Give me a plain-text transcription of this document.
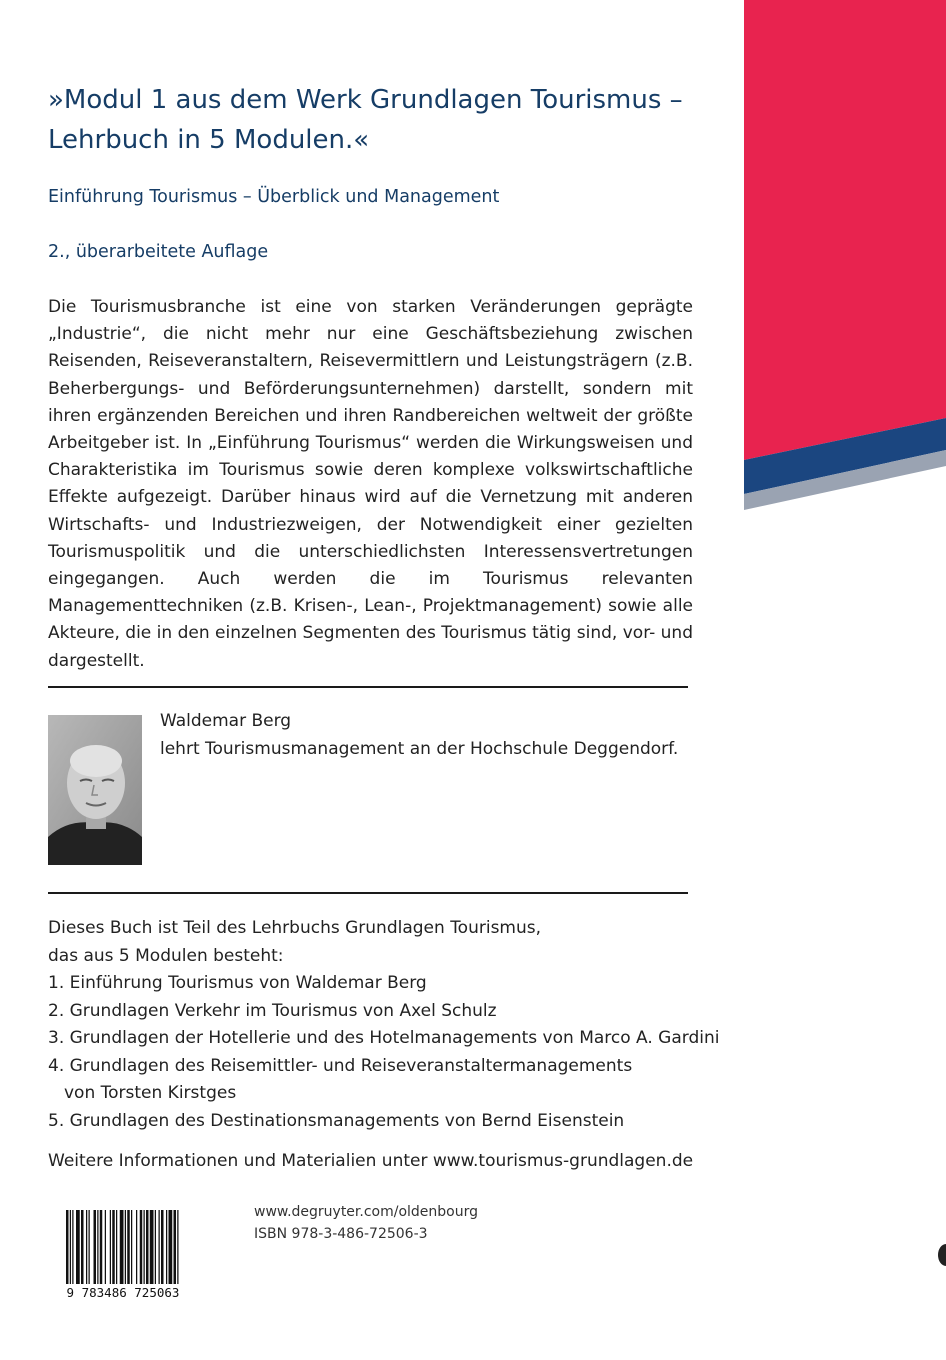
»Modul 1 aus dem Werk Grundlagen Tourismus –
Lehrbuch in 5 Modulen.«

Einführung Tourismus – Überblick und Management

2., überarbeitete Auflage

Die Tourismusbranche ist eine von starken Veränderungen geprägte „Industrie“, die nicht mehr nur eine Geschäftsbeziehung zwischen Reisenden, Reiseveranstaltern, Reisevermittlern und Leistungsträgern (z.B. Beherbergungs- und Beförderungsunternehmen) darstellt, sondern mit ihren ergänzenden Bereichen und ihren Randbereichen weltweit der größte Arbeitgeber ist. In „Einführung Tourismus“ werden die Wirkungsweisen und Charakteristika im Tourismus sowie deren komplexe volkswirtschaftliche Effekte aufgezeigt. Darüber hinaus wird auf die Vernetzung mit anderen Wirtschafts- und Industriezweigen, der Notwendigkeit einer gezielten Tourismuspolitik und die unterschiedlichsten Interessensvertretungen eingegangen. Auch werden die im Tourismus relevanten Managementtechniken (z.B. Krisen-, Lean-, Projektmanagement) sowie alle Akteure, die in den einzelnen Segmenten des Tourismus tätig sind, vor- und dargestellt.

Waldemar Berg

lehrt Tourismusmanagement an der Hochschule Deggendorf.

Dieses Buch ist Teil des Lehrbuchs Grundlagen Tourismus,
das aus 5 Modulen besteht:

1. Einführung Tourismus von Waldemar Berg
2. Grundlagen Verkehr im Tourismus von Axel Schulz
3. Grundlagen der Hotellerie und des Hotelmanagements von Marco A. Gardini
4. Grundlagen des Reisemittler- und Reiseveranstaltermanagements
von Torsten Kirstges
5. Grundlagen des Destinationsmanagements von Bernd Eisenstein

Weitere Informationen und Materialien unter www.tourismus-grundlagen.de

9 783486 725063

www.degruyter.com/oldenbourg

ISBN 978-3-486-72506-3
